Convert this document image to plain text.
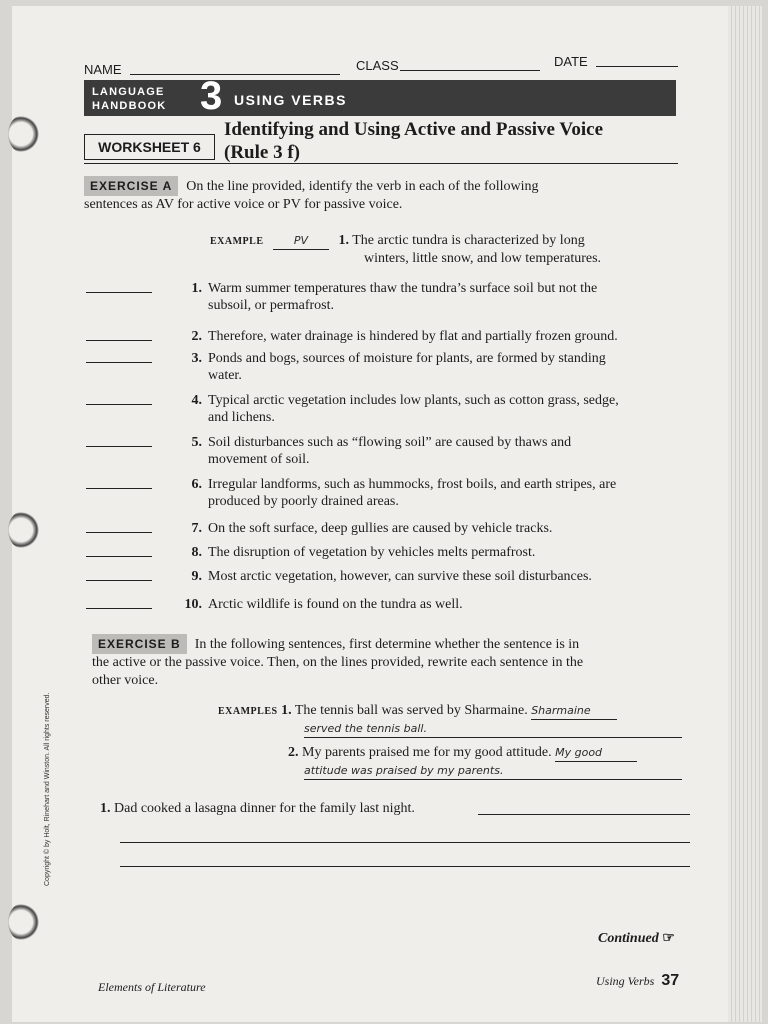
NAME	CLASS	DATE
LANGUAGE
HANDBOOK 3 USING VERBS
WORKSHEET 6
Identifying and Using Active and Passive Voice
(Rule 3 f)
EXERCISE A On the line provided, identify the verb in each of the following
sentences as AV for active voice or PV for passive voice.
EXAMPLE	PV 1. The arctic tundra is characterized by long
winters, little snow, and low temperatures.
1. Warm summer temperatures thaw the tundra’s surface soil but not the
subsoil, or permafrost.
2. Therefore, water drainage is hindered by flat and partially frozen ground.
3. Ponds and bogs, sources of moisture for plants, are formed by standing
water.
4. Typical arctic vegetation includes low plants, such as cotton grass, sedge,
and lichens.
5. Soil disturbances such as “flowing soil” are caused by thaws and
movement of soil.
6. Irregular landforms, such as hummocks, frost boils, and earth stripes, are
produced by poorly drained areas.
7. On the soft surface, deep gullies are caused by vehicle tracks.
8. The disruption of vegetation by vehicles melts permafrost.
9. Most arctic vegetation, however, can survive these soil disturbances.
10. Arctic wildlife is found on the tundra as well.
EXERCISE B In the following sentences, first determine whether the sentence is in
the active or the passive voice. Then, on the lines provided, rewrite each sentence in the
other voice.
EXAMPLES 1. The tennis ball was served by Sharmaine. Sharmaine
served the tennis ball.
2. My parents praised me for my good attitude. My good
attitude was praised by my parents.
1. Dad cooked a lasagna dinner for the family last night.
Continued ☞
Elements of Literature	Using Verbs 37
Copyright © by Holt, Rinehart and Winston. All rights reserved.
